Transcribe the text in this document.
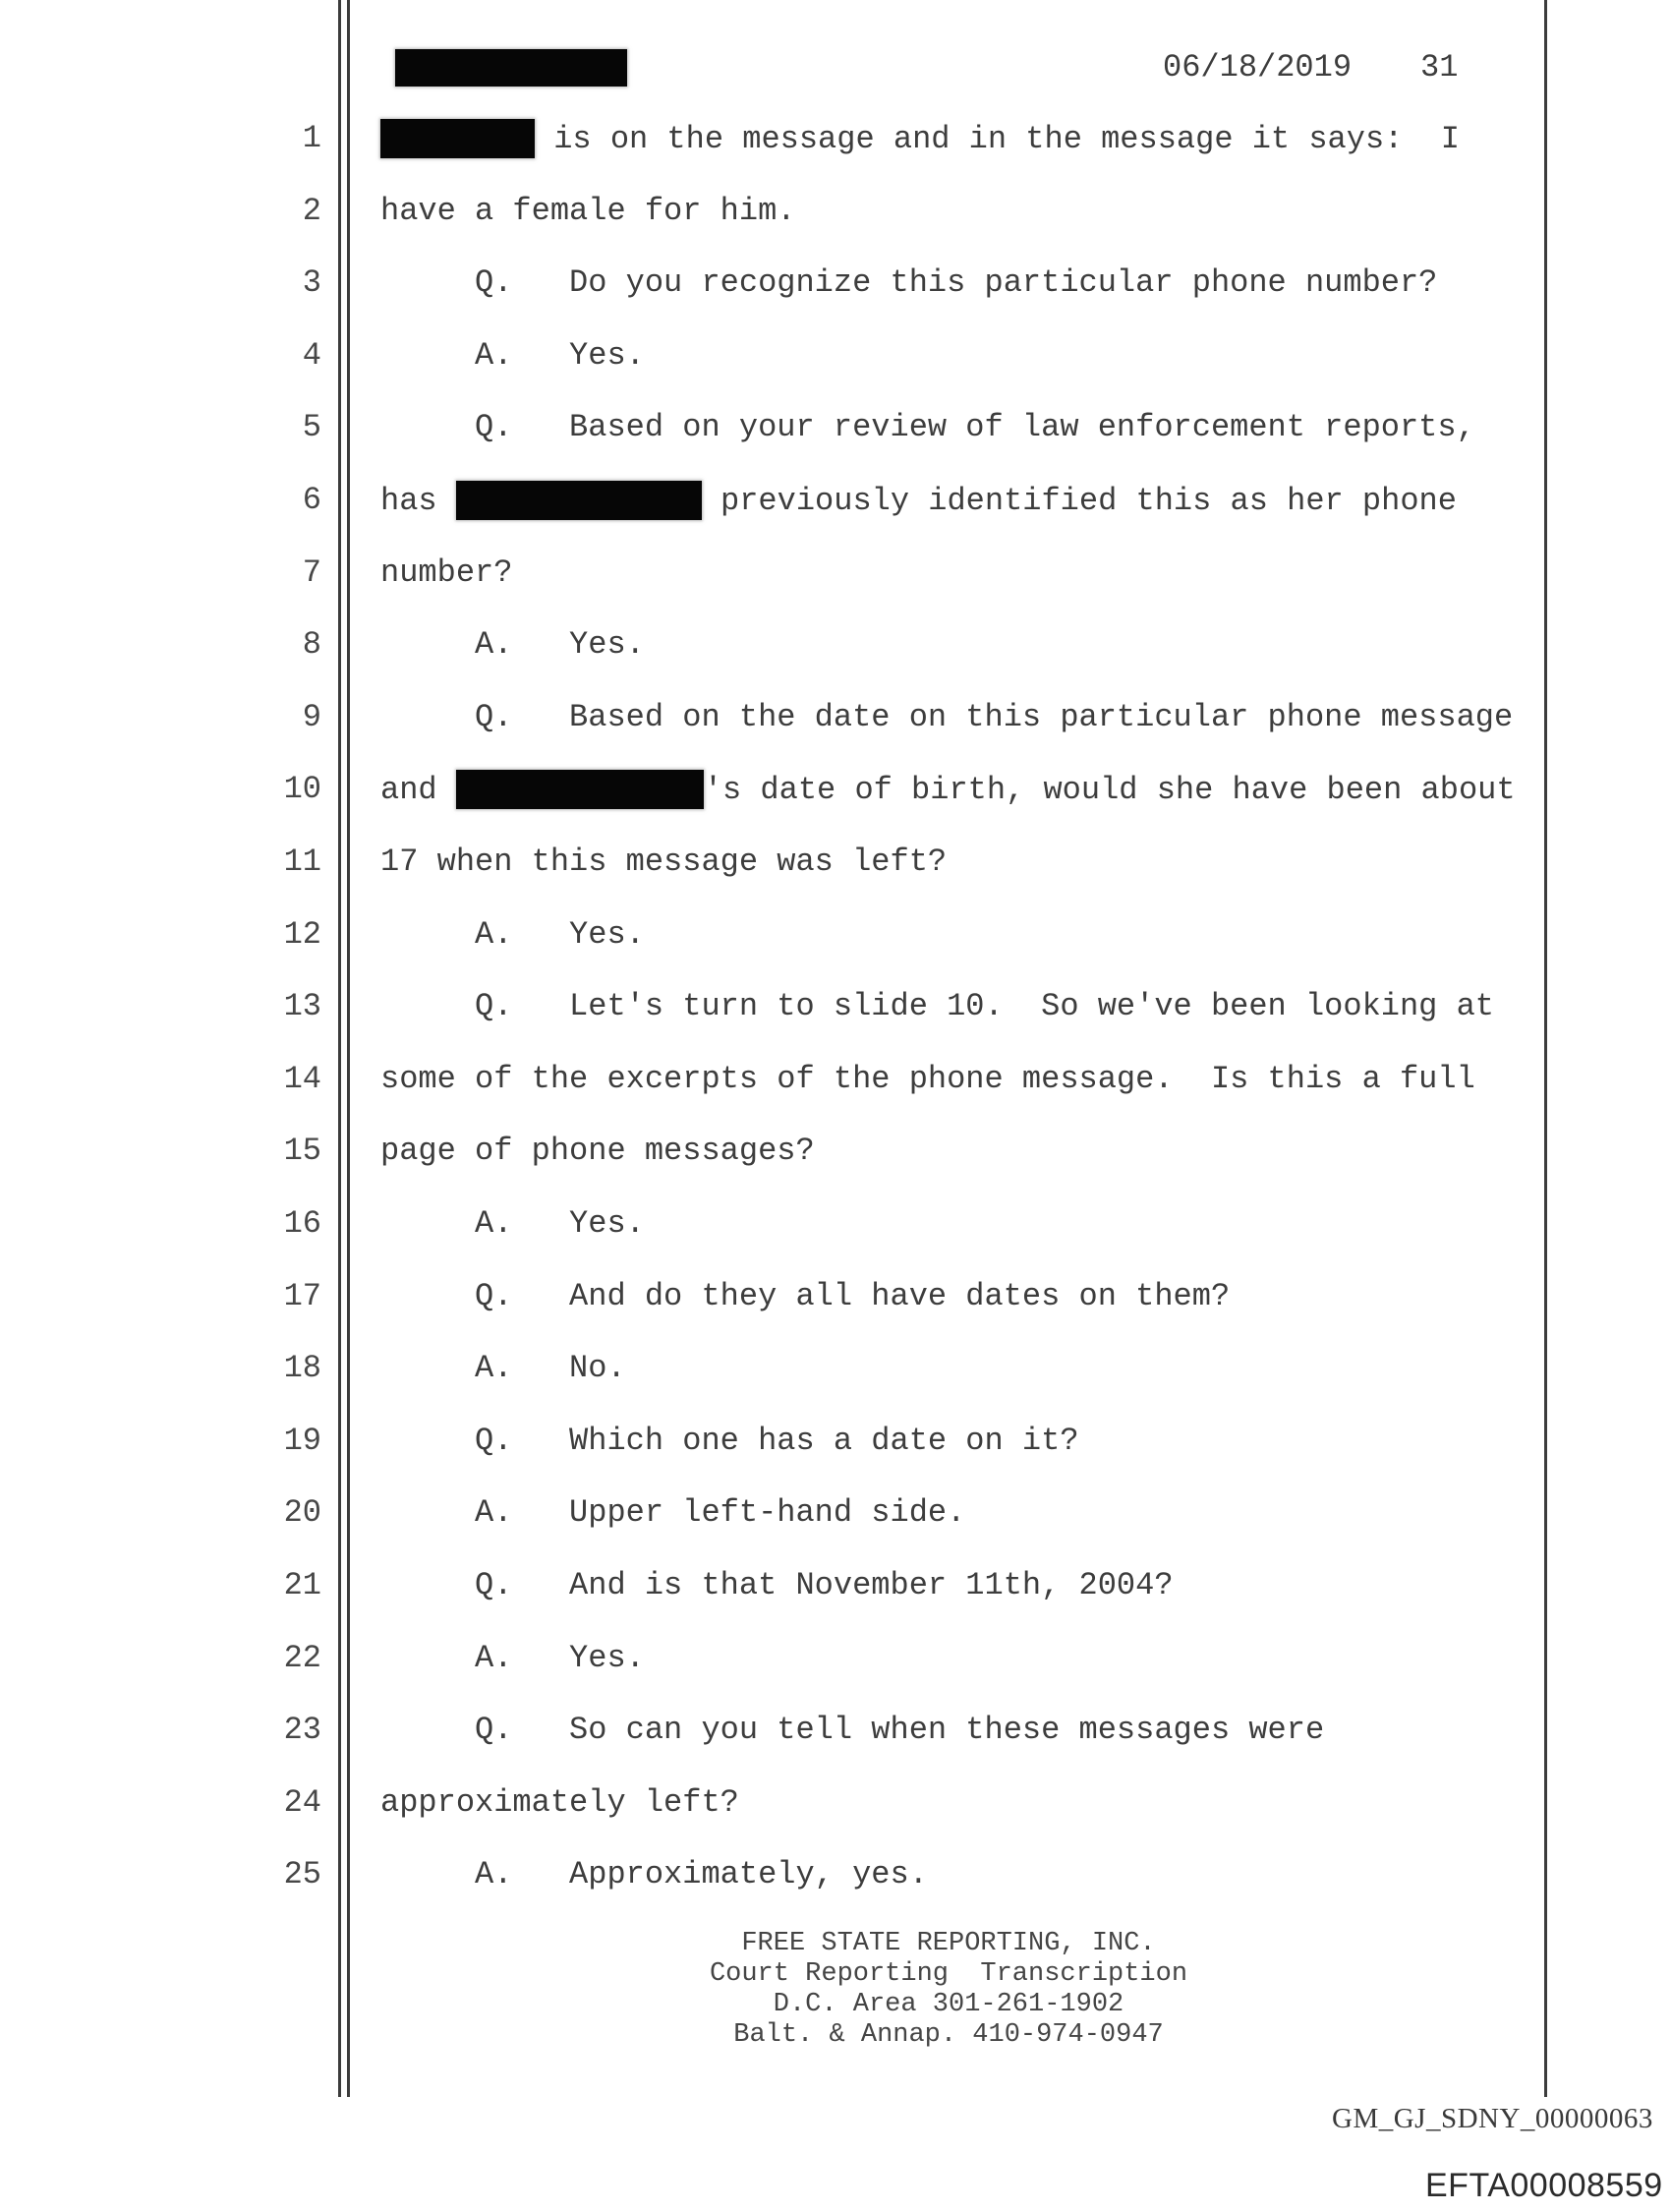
06/18/2019 31
1	is on the message and in the message it says:  I
2 have a female for him.
3 Q.   Do you recognize this particular phone number?
4 A.   Yes.
5 Q.   Based on your review of law enforcement reports,
6 has	previously identified this as her phone
7 number?
8 A.   Yes.
9 Q.   Based on the date on this particular phone message
10 and	's date of birth, would she have been about
11 17 when this message was left?
12 A.   Yes.
13 Q.   Let's turn to slide 10.  So we've been looking at
14 some of the excerpts of the phone message.  Is this a full
15 page of phone messages?
16 A.   Yes.
17 Q.   And do they all have dates on them?
18 A.   No.
19 Q.   Which one has a date on it?
20 A.   Upper left-hand side.
21 Q.   And is that November 11th, 2004?
22 A.   Yes.
23 Q.   So can you tell when these messages were
24 approximately left?
25 A.   Approximately, yes.
FREE STATE REPORTING, INC.
Court Reporting  Transcription
D.C. Area 301-261-1902
Balt. & Annap. 410-974-0947
GM_GJ_SDNY_00000063
EFTA00008559
